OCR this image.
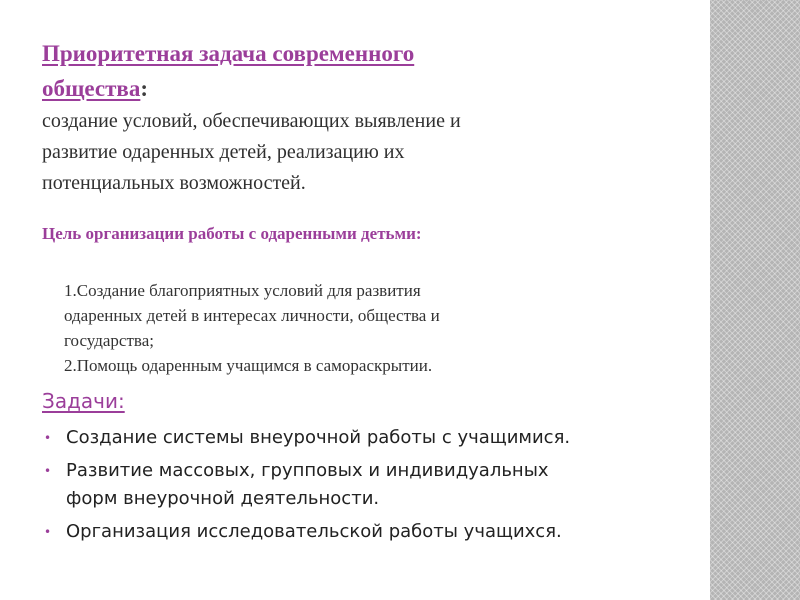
Приоритетная задача современного
общества:
создание условий, обеспечивающих выявление и
развитие одаренных детей, реализацию их
потенциальных возможностей.
Цель организации работы с одаренными детьми:
1.Создание благоприятных условий для развития
одаренных детей в интересах личности, общества и
государства;
2.Помощь одаренным учащимся в самораскрытии.
Задачи:
• Создание системы внеурочной работы с учащимися.
• Развитие массовых, групповых и индивидуальных
форм внеурочной деятельности.
• Организация исследовательской работы учащихся.
